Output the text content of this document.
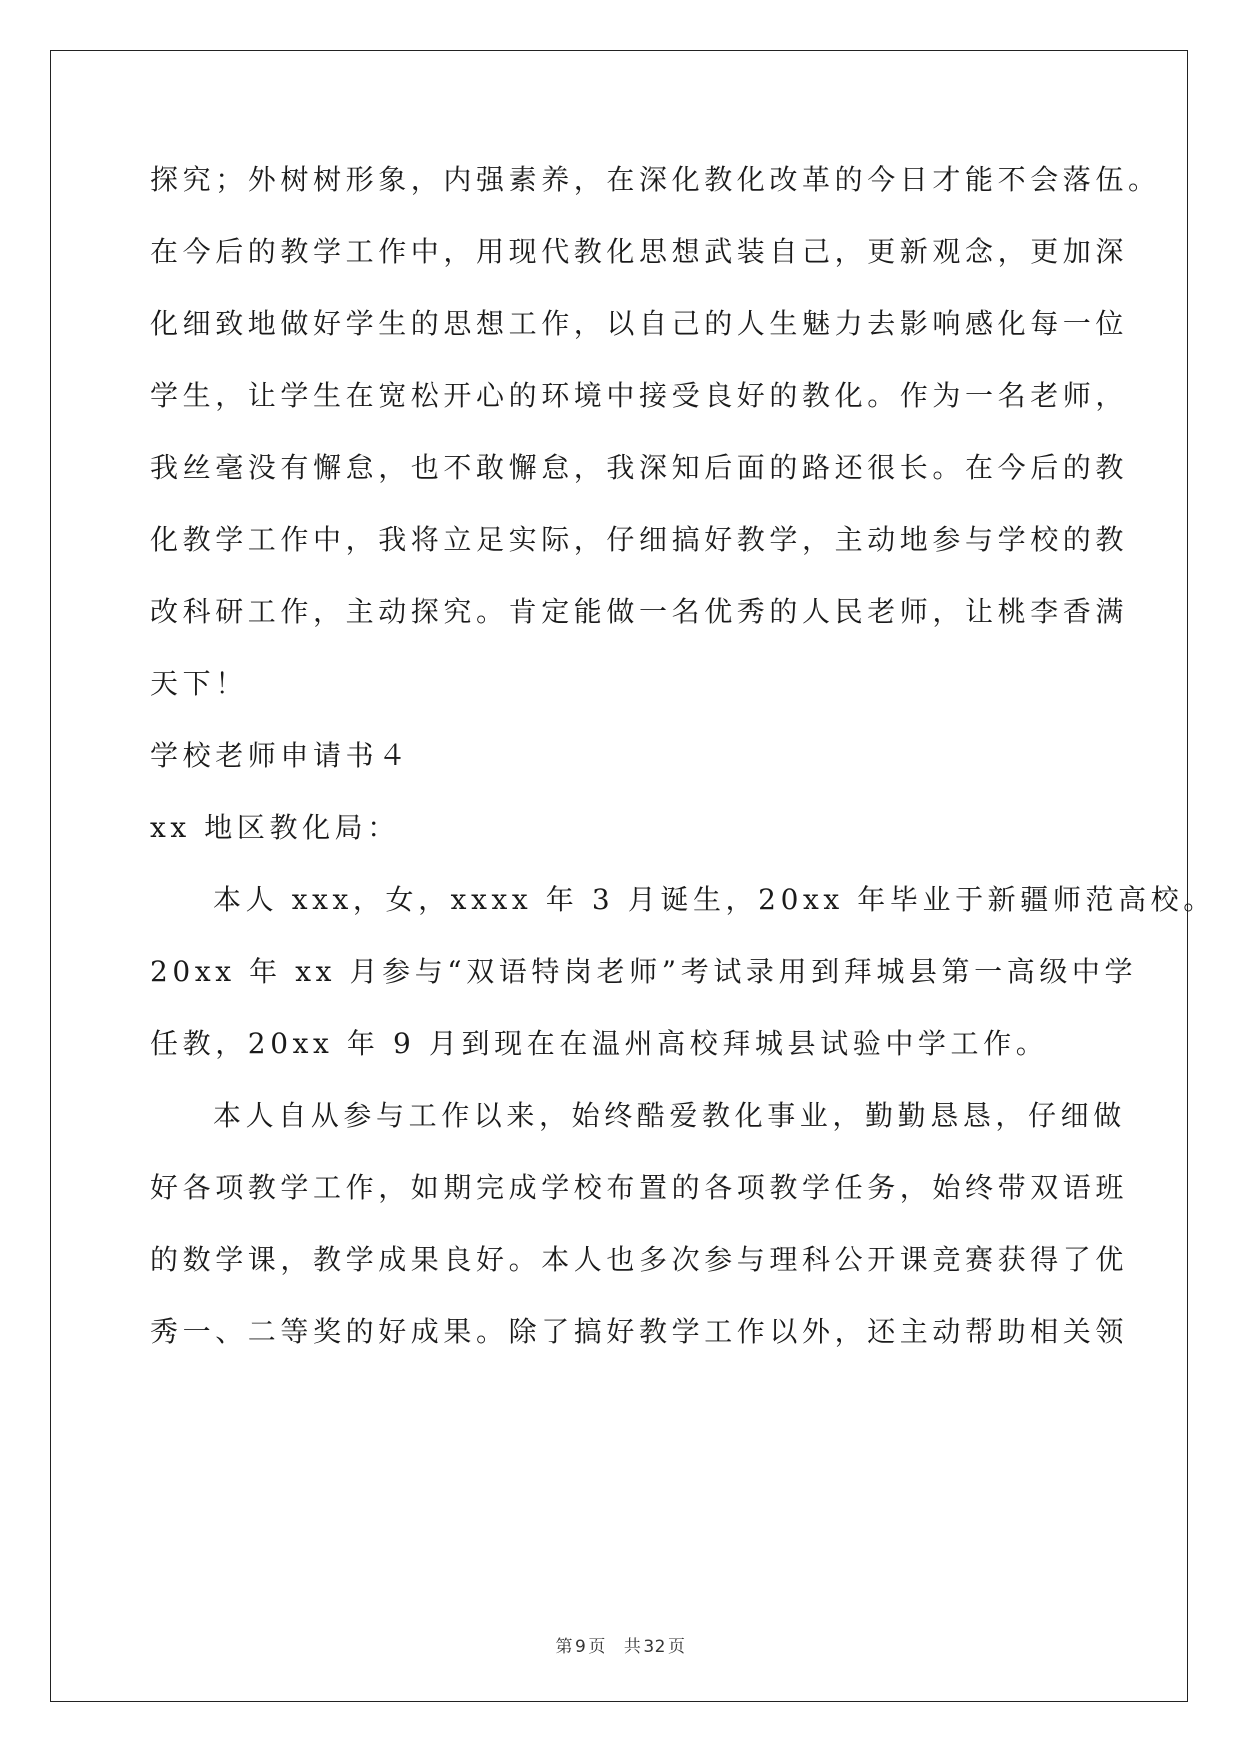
探究；外树树形象，内强素养，在深化教化改革的今日才能不会落伍。
在今后的教学工作中，用现代教化思想武装自己，更新观念，更加深
化细致地做好学生的思想工作，以自己的人生魅力去影响感化每一位
学生，让学生在宽松开心的环境中接受良好的教化。作为一名老师，
我丝毫没有懈怠，也不敢懈怠，我深知后面的路还很长。在今后的教
化教学工作中，我将立足实际，仔细搞好教学，主动地参与学校的教
改科研工作，主动探究。肯定能做一名优秀的人民老师，让桃李香满
天下！
学校老师申请书４
xx 地区教化局：
本人 xxx，女，xxxx 年 3 月诞生，20xx 年毕业于新疆师范高校。
20xx 年 xx 月参与“双语特岗老师”考试录用到拜城县第一高级中学
任教，20xx 年 9 月到现在在温州高校拜城县试验中学工作。
本人自从参与工作以来，始终酷爱教化事业，勤勤恳恳，仔细做
好各项教学工作，如期完成学校布置的各项教学任务，始终带双语班
的数学课，教学成果良好。本人也多次参与理科公开课竞赛获得了优
秀一、二等奖的好成果。除了搞好教学工作以外，还主动帮助相关领
第 9 页 共 32 页
